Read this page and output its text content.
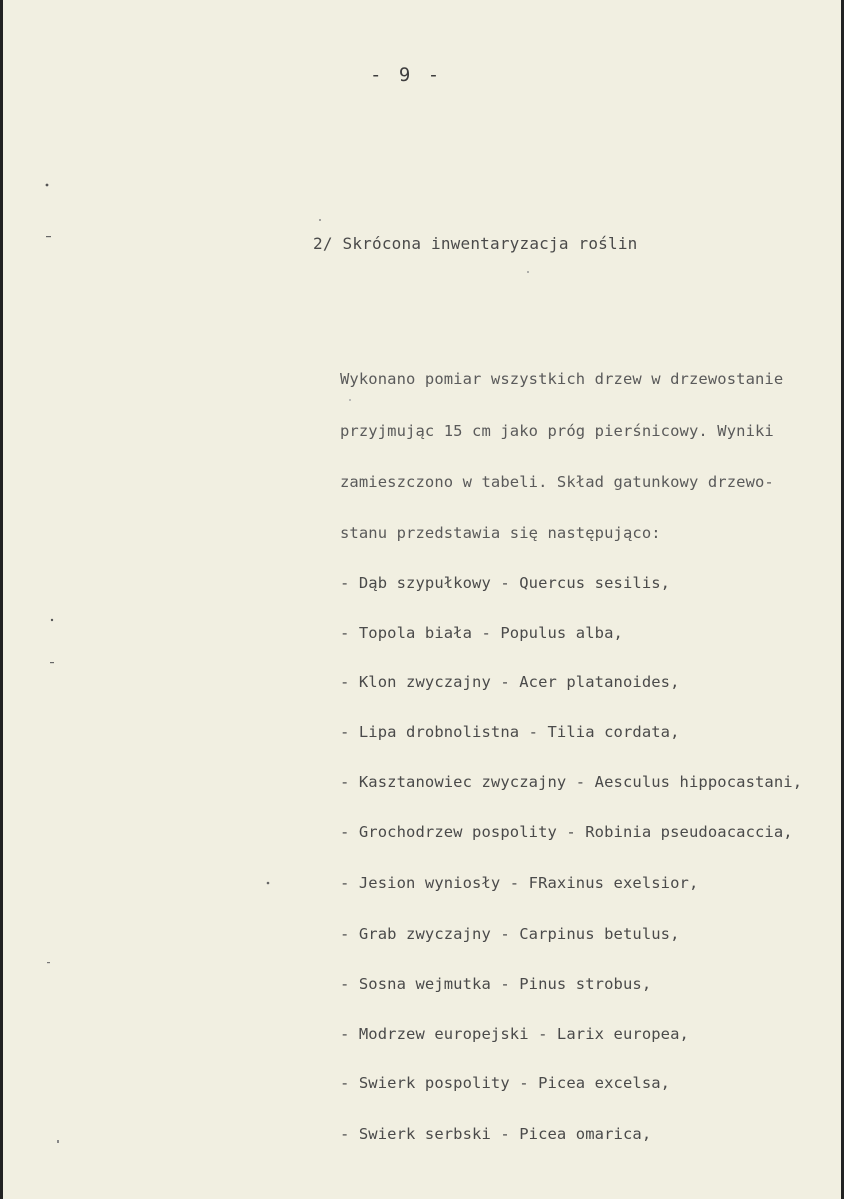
- 9 -
2/ Skrócona inwentaryzacja roślin
Wykonano pomiar wszystkich drzew w drzewostanie
przyjmując 15 cm jako próg pierśnicowy. Wyniki
zamieszczono w tabeli. Skład gatunkowy drzewo-
stanu przedstawia się następująco:
- Dąb szypułkowy - Quercus sesilis,
- Topola biała - Populus alba,
- Klon zwyczajny - Acer platanoides,
- Lipa drobnolistna - Tilia cordata,
- Kasztanowiec zwyczajny - Aesculus hippocastani,
- Grochodrzew pospolity - Robinia pseudoacaccia,
- Jesion wyniosły - FRaxinus exelsior,
- Grab zwyczajny - Carpinus betulus,
- Sosna wejmutka - Pinus strobus,
- Modrzew europejski - Larix europea,
- Swierk pospolity - Picea excelsa,
- Swierk serbski - Picea omarica,
